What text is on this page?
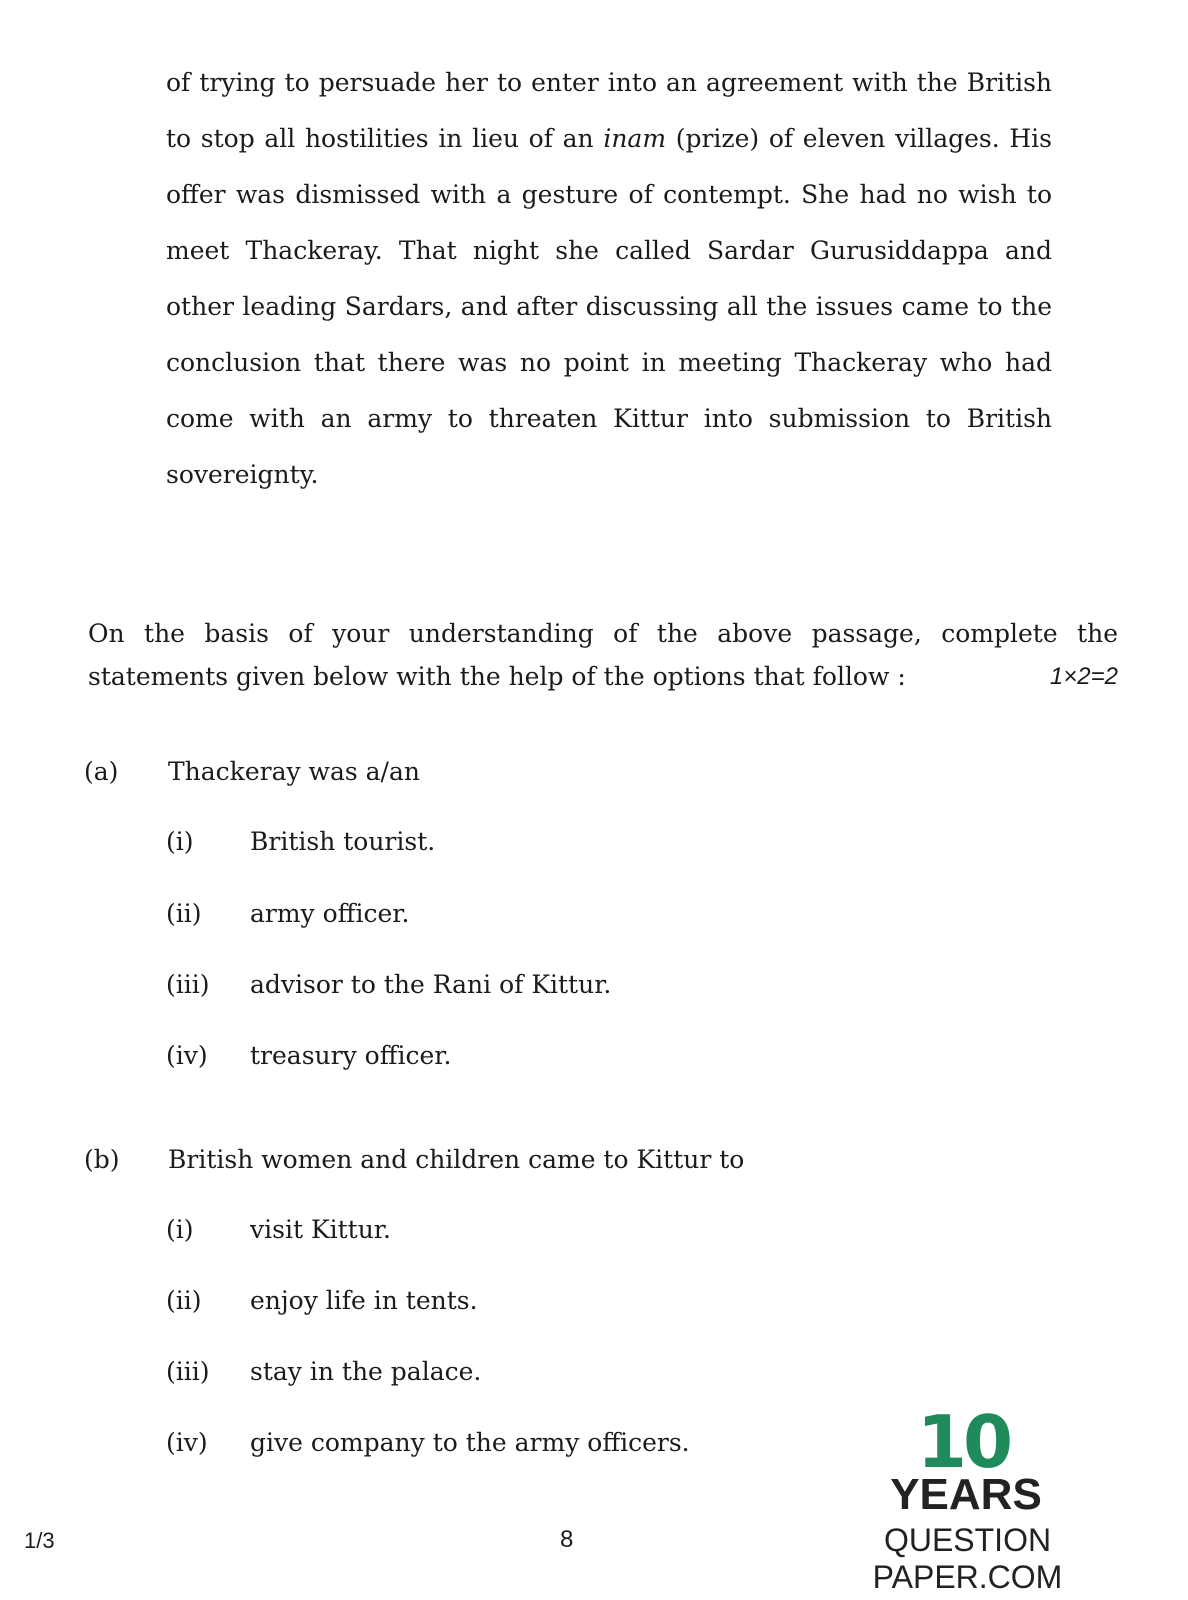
of trying to persuade her to enter into an agreement with the British to stop all hostilities in lieu of an inam (prize) of eleven villages. His offer was dismissed with a gesture of contempt. She had no wish to meet Thackeray. That night she called Sardar Gurusiddappa and other leading Sardars, and after discussing all the issues came to the conclusion that there was no point in meeting Thackeray who had come with an army to threaten Kittur into submission to British sovereignty.

On the basis of your understanding of the above passage, complete the
statements given below with the help of the options that follow :	1×2=2
(a) Thackeray was a/an
(i) British tourist.
(ii) army officer.
(iii) advisor to the Rani of Kittur.
(iv) treasury officer.
(b) British women and children came to Kittur to
(i) visit Kittur.
(ii) enjoy life in tents.
(iii) stay in the palace.
(iv) give company to the army officers.
1/3	8
10
YEARS
QUESTION PAPER.COM
